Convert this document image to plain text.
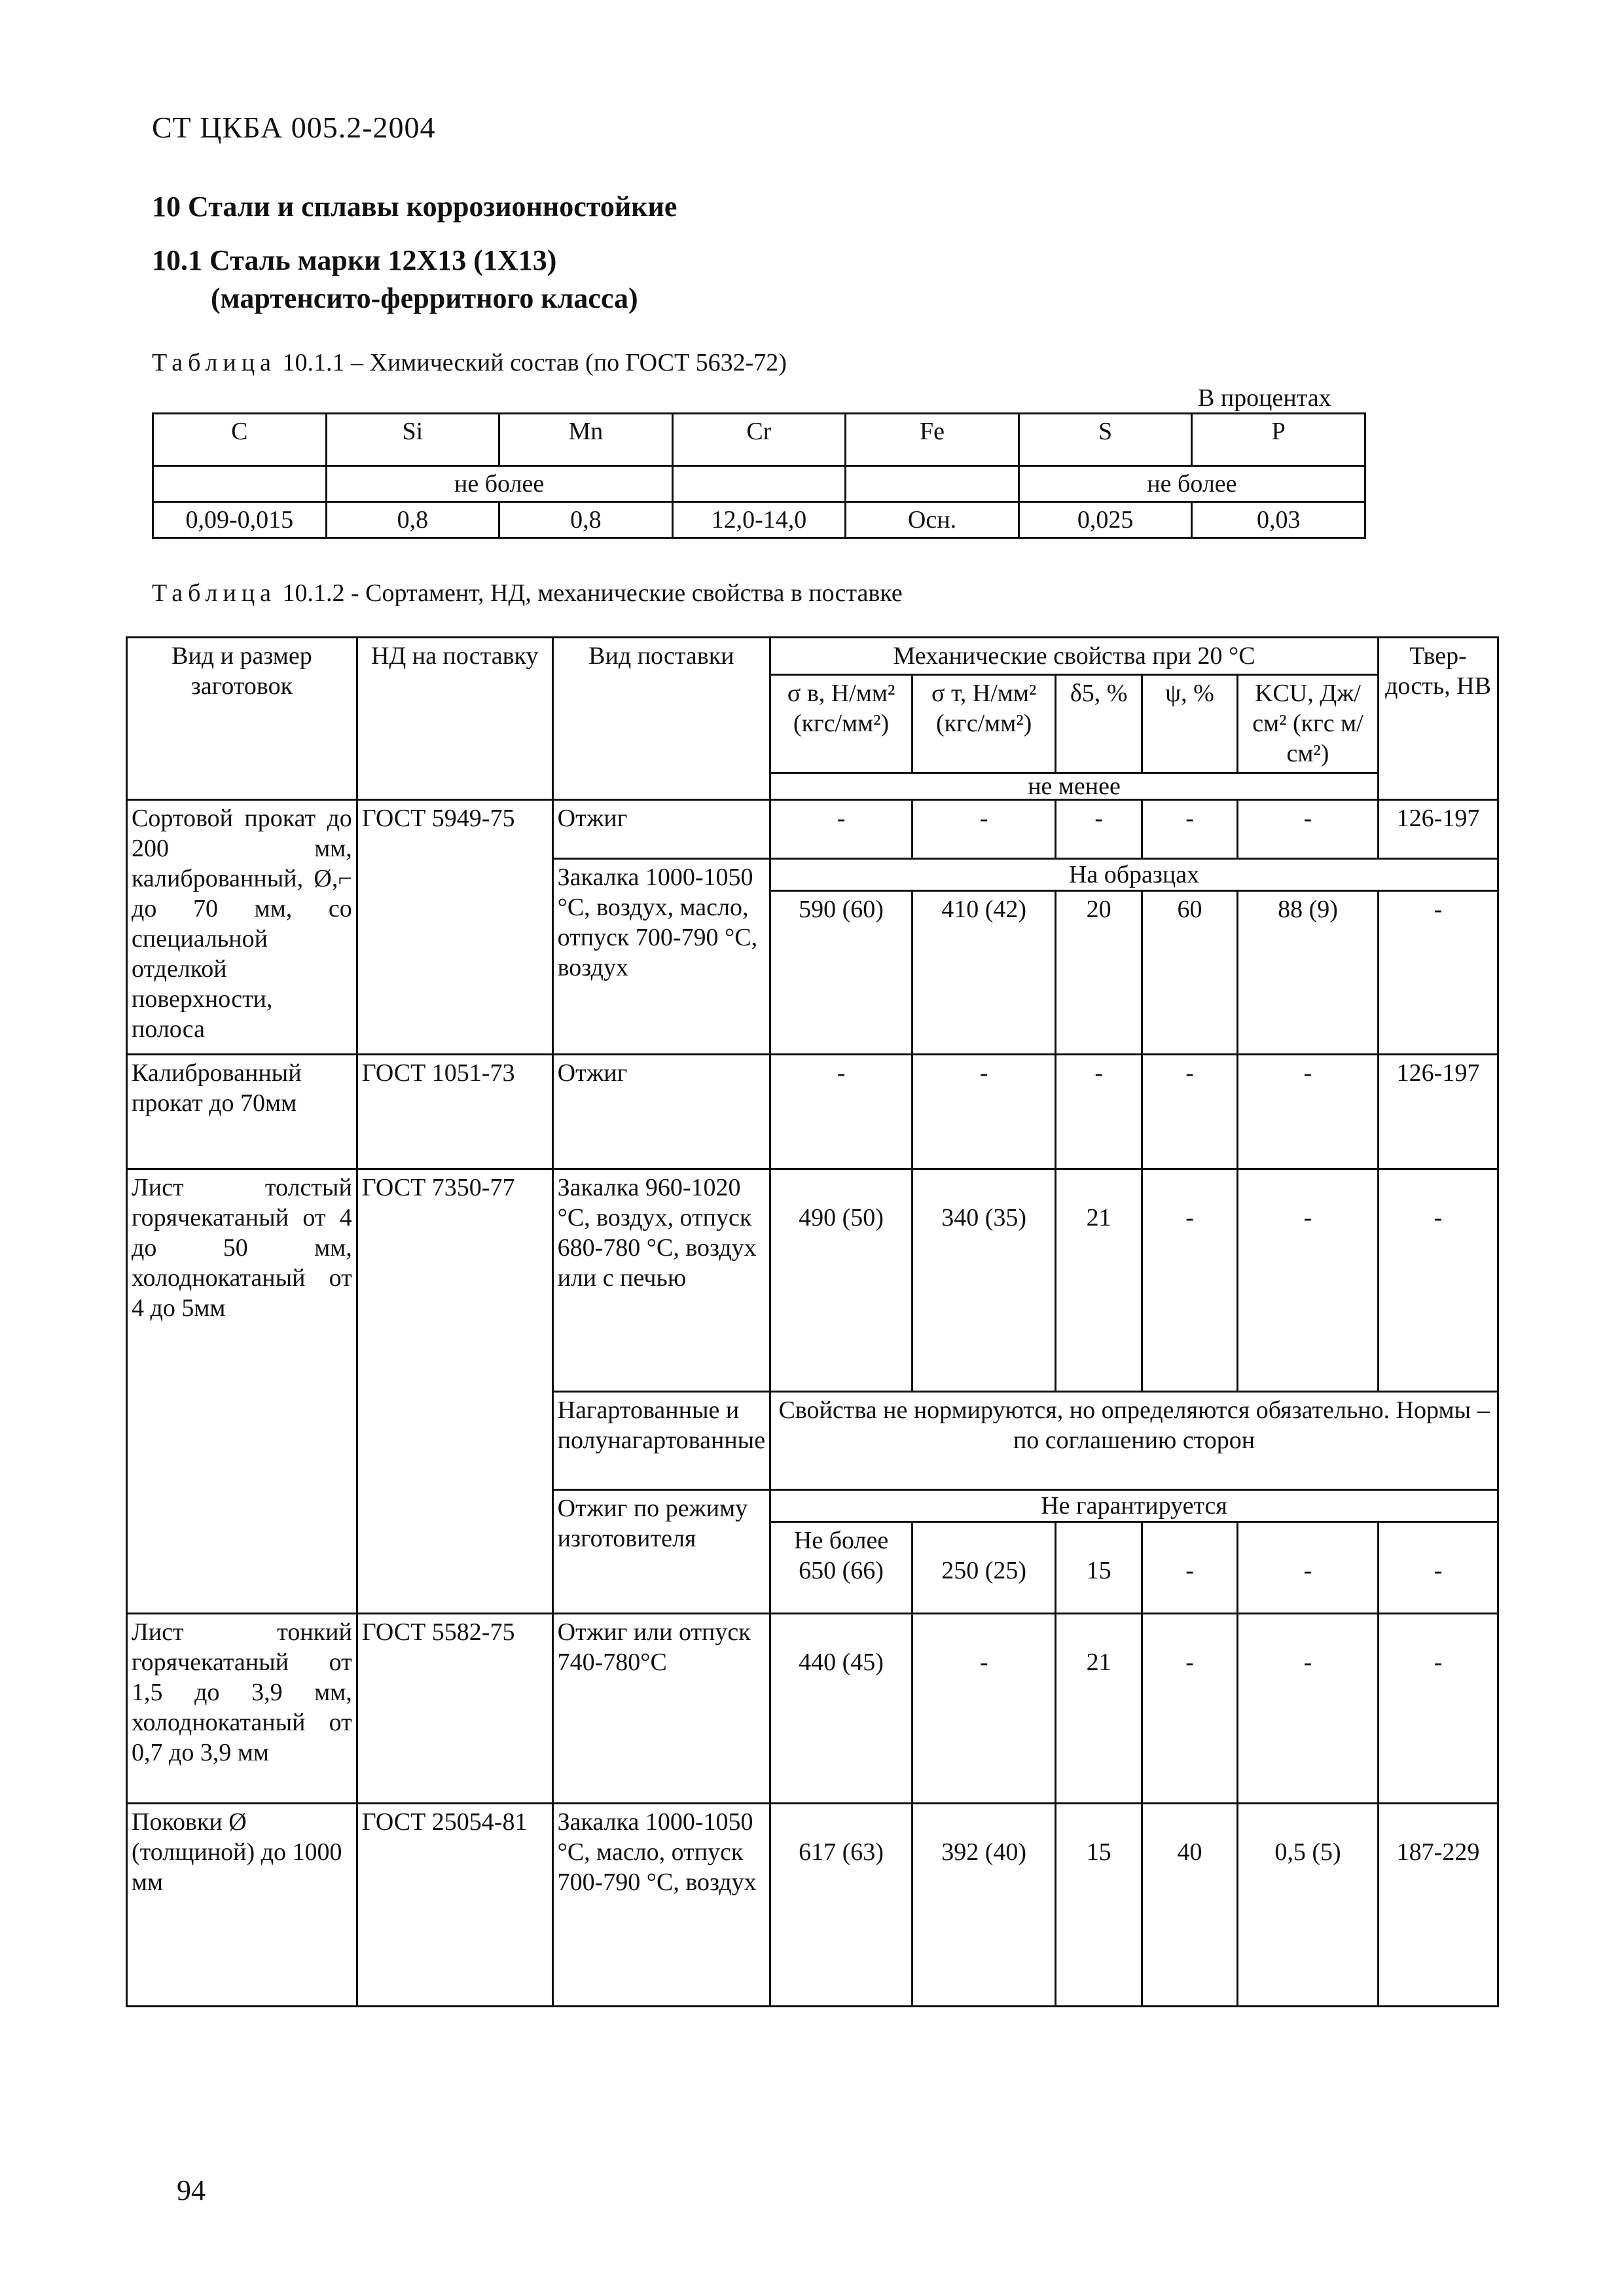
СТ ЦКБА 005.2-2004
10 Стали и сплавы коррозионностойкие
10.1 Сталь марки 12Х13 (1Х13)
(мартенсито-ферритного класса)
Таблица 10.1.1 – Химический состав (по ГОСТ 5632-72)
В процентах
C	Si	Mn	Cr	Fe	S	P
	не более				не более	
0,09-0,015	0,8	0,8	12,0-14,0	Осн.	0,025	0,03
Таблица 10.1.2 - Сортамент, НД, механические свойства в поставке
Вид и размер заготовок	НД на поставку	Вид поставки	Механические свойства при 20 °С					Твер-дость, НВ
			σ в, Н/мм² (кгс/мм²)	σ т, Н/мм² (кгс/мм²)	δ5, %	ψ, %	KCU, Дж/см² (кгс м/см²)	
			не менее					
Сортовой прокат до 200 мм, калиброванный, Ø,⌐ до 70 мм, со специальной отделкой поверхности, полоса	ГОСТ 5949-75	Отжиг	-	-	-	-	-	126-197
		Закалка 1000-1050 °С, воздух, масло, отпуск 700-790 °С, воздух	На образцах					
			590 (60)	410 (42)	20	60	88 (9)	-
Калиброванный прокат до 70мм	ГОСТ 1051-73	Отжиг	-	-	-	-	-	126-197
Лист толстый горячекатаный от 4 до 50 мм, холоднокатаный от 4 до 5мм	ГОСТ 7350-77	Закалка 960-1020 °С, воздух, отпуск 680-780 °С, воздух или с печью	490 (50)	340 (35)	21	-	-	-
		Нагартованные и полунагартованные	Свойства не нормируются, но определяются обязательно. Нормы – по соглашению сторон					
		Отжиг по режиму изготовителя	Не гарантируется					
			Не более 650 (66)	250 (25)	15	-	-	-
Лист тонкий горячекатаный от 1,5 до 3,9 мм, холоднокатаный от 0,7 до 3,9 мм	ГОСТ 5582-75	Отжиг или отпуск 740-780°С	440 (45)	-	21	-	-	-
Поковки Ø (толщиной) до 1000 мм	ГОСТ 25054-81	Закалка 1000-1050 °С, масло, отпуск 700-790 °С, воздух	617 (63)	392 (40)	15	40	0,5 (5)	187-229
94
